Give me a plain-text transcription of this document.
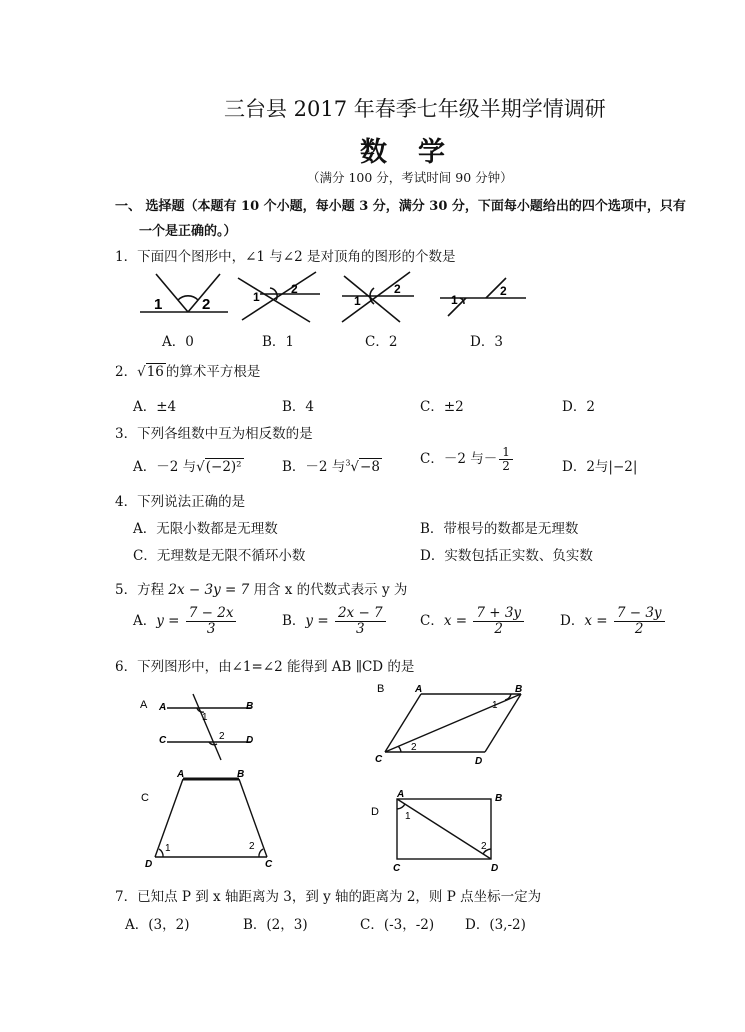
三台县 2017 年春季七年级半期学情调研
数　学
（满分 100 分，考试时间 90 分钟）
一、 选择题（本题有 10 个小题，每小题 3 分，满分 30 分，下面每小题给出的四个选项中，只有
一个是正确的。）
1．下面四个图形中，∠1 与∠2 是对顶角的图形的个数是
1	2	1
2
1
2
1
2
A．0	B．1	C．2	D．3
2．√16 的算术平方根是
A．±4	B．4	C．±2	D．2
3．下列各组数中互为相反数的是
A．－2 与√(−2)²	B．－2 与$^3$√−8	C．－2 与－ $\frac{1}{2}$	D．2与|−2|
4．下列说法正确的是
A．无限小数都是无理数	B．带根号的数都是无理数
C．无理数是无限不循环小数	D．实数包括正实数、负实数
5．方程 2x − 3y = 7 用含 x 的代数式表示 y 为
A．$y = \frac{7 - 2x}{3}$	B．$y = \frac{2x - 7}{3}$	C．$x = \frac{7 + 3y}{2}$	D．$x = \frac{7 - 3y}{2}$
6．下列图形中，由∠1=∠2 能得到 AB ∥CD 的是
A A	B
C	D
1
2
B	A	B
C	D
1
2
C
A	B
D	C
1	2
D
A	B
C	D
1
2
7．已知点 P 到 x 轴距离为 3，到 y 轴的距离为 2，则 P 点坐标一定为
A．(3，2)	B．(2，3)	C．(-3，-2) D．(3,-2)
